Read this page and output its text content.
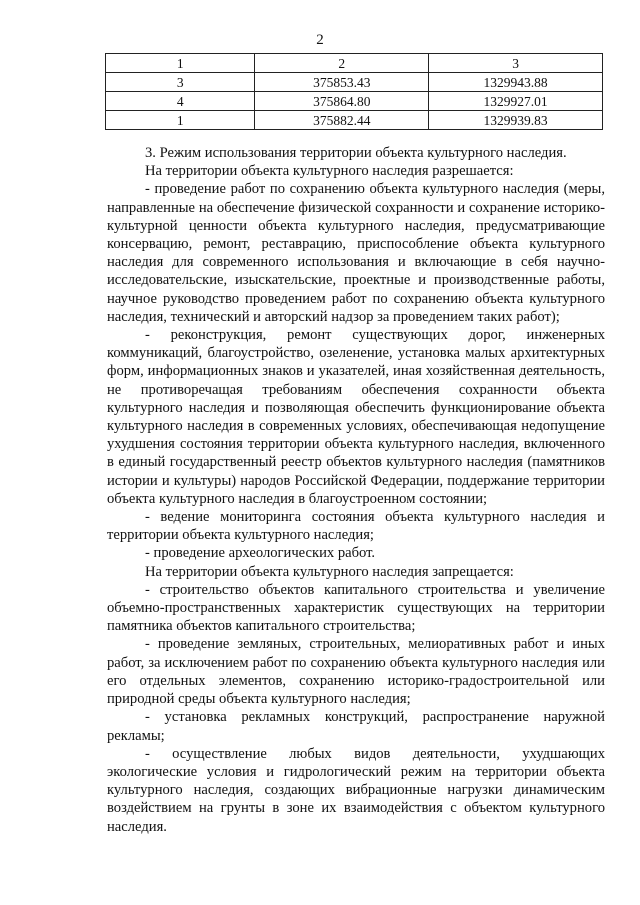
2
1	2	3
3	375853.43	1329943.88
4	375864.80	1329927.01
1	375882.44	1329939.83

3. Режим использования территории объекта культурного наследия.

На территории объекта культурного наследия разрешается:

- проведение работ по сохранению объекта культурного наследия (меры, направленные на обеспечение физической сохранности и сохранение историко-культурной ценности объекта культурного наследия, предусматривающие консервацию, ремонт, реставрацию, приспособление объекта культурного наследия для современного использования и включающие в себя научно-исследовательские, изыскательские, проектные и производственные работы, научное руководство проведением работ по сохранению объекта культурного наследия, технический и авторский надзор за проведением таких работ);

- реконструкция, ремонт существующих дорог, инженерных коммуникаций, благоустройство, озеленение, установка малых архитектурных форм, информационных знаков и указателей, иная хозяйственная деятельность, не противоречащая требованиям обеспечения сохранности объекта культурного наследия и позволяющая обеспечить функционирование объекта культурного наследия в современных условиях, обеспечивающая недопущение ухудшения состояния территории объекта культурного наследия, включенного в единый государственный реестр объектов культурного наследия (памятников истории и культуры) народов Российской Федерации, поддержание территории объекта культурного наследия в благоустроенном состоянии;

- ведение мониторинга состояния объекта культурного наследия и территории объекта культурного наследия;

- проведение археологических работ.

На территории объекта культурного наследия запрещается:

- строительство объектов капитального строительства и увеличение объемно-пространственных характеристик существующих на территории памятника объектов капитального строительства;

- проведение земляных, строительных, мелиоративных работ и иных работ, за исключением работ по сохранению объекта культурного наследия или его отдельных элементов, сохранению историко-градостроительной или природной среды объекта культурного наследия;

- установка рекламных конструкций, распространение наружной рекламы;

- осуществление любых видов деятельности, ухудшающих экологические условия и гидрологический режим на территории объекта культурного наследия, создающих вибрационные нагрузки динамическим воздействием на грунты в зоне их взаимодействия с объектом культурного наследия.
